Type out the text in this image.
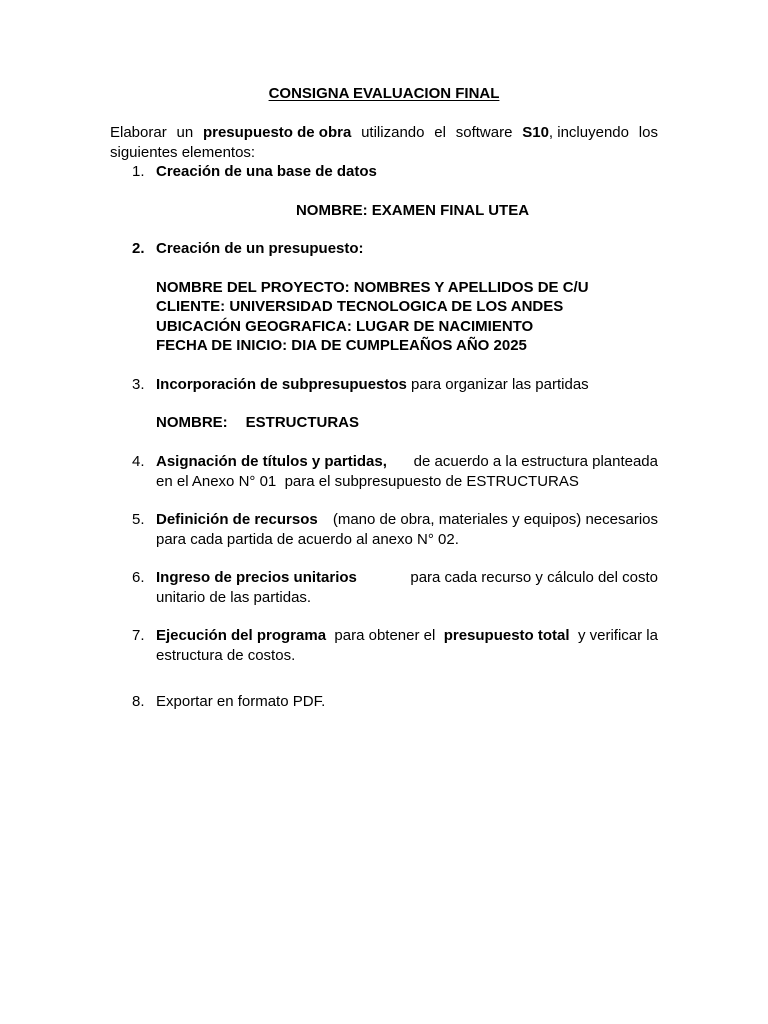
CONSIGNA EVALUACION FINAL
Elaborar un presupuesto de obra utilizando el software S10, incluyendo los
siguientes elementos:
1. Creación de una base de datos
NOMBRE: EXAMEN FINAL UTEA
2. Creación de un presupuesto:
NOMBRE DEL PROYECTO: NOMBRES Y APELLIDOS DE C/U
CLIENTE: UNIVERSIDAD TECNOLOGICA DE LOS ANDES
UBICACIÓN GEOGRAFICA: LUGAR DE NACIMIENTO
FECHA DE INICIO: DIA DE CUMPLEAÑOS AÑO 2025
3. Incorporación de subpresupuestos para organizar las partidas
NOMBRE: ESTRUCTURAS
4. Asignación de títulos y partidas, de acuerdo a la estructura planteada
en el Anexo N° 01  para el subpresupuesto de ESTRUCTURAS
5. Definición de recursos (mano de obra, materiales y equipos) necesarios
para cada partida de acuerdo al anexo N° 02.
6. Ingreso de precios unitarios	para cada recurso y cálculo del costo
unitario de las partidas.
7. Ejecución del programa para obtener el presupuesto total y verificar la
estructura de costos.
8. Exportar en formato PDF.
